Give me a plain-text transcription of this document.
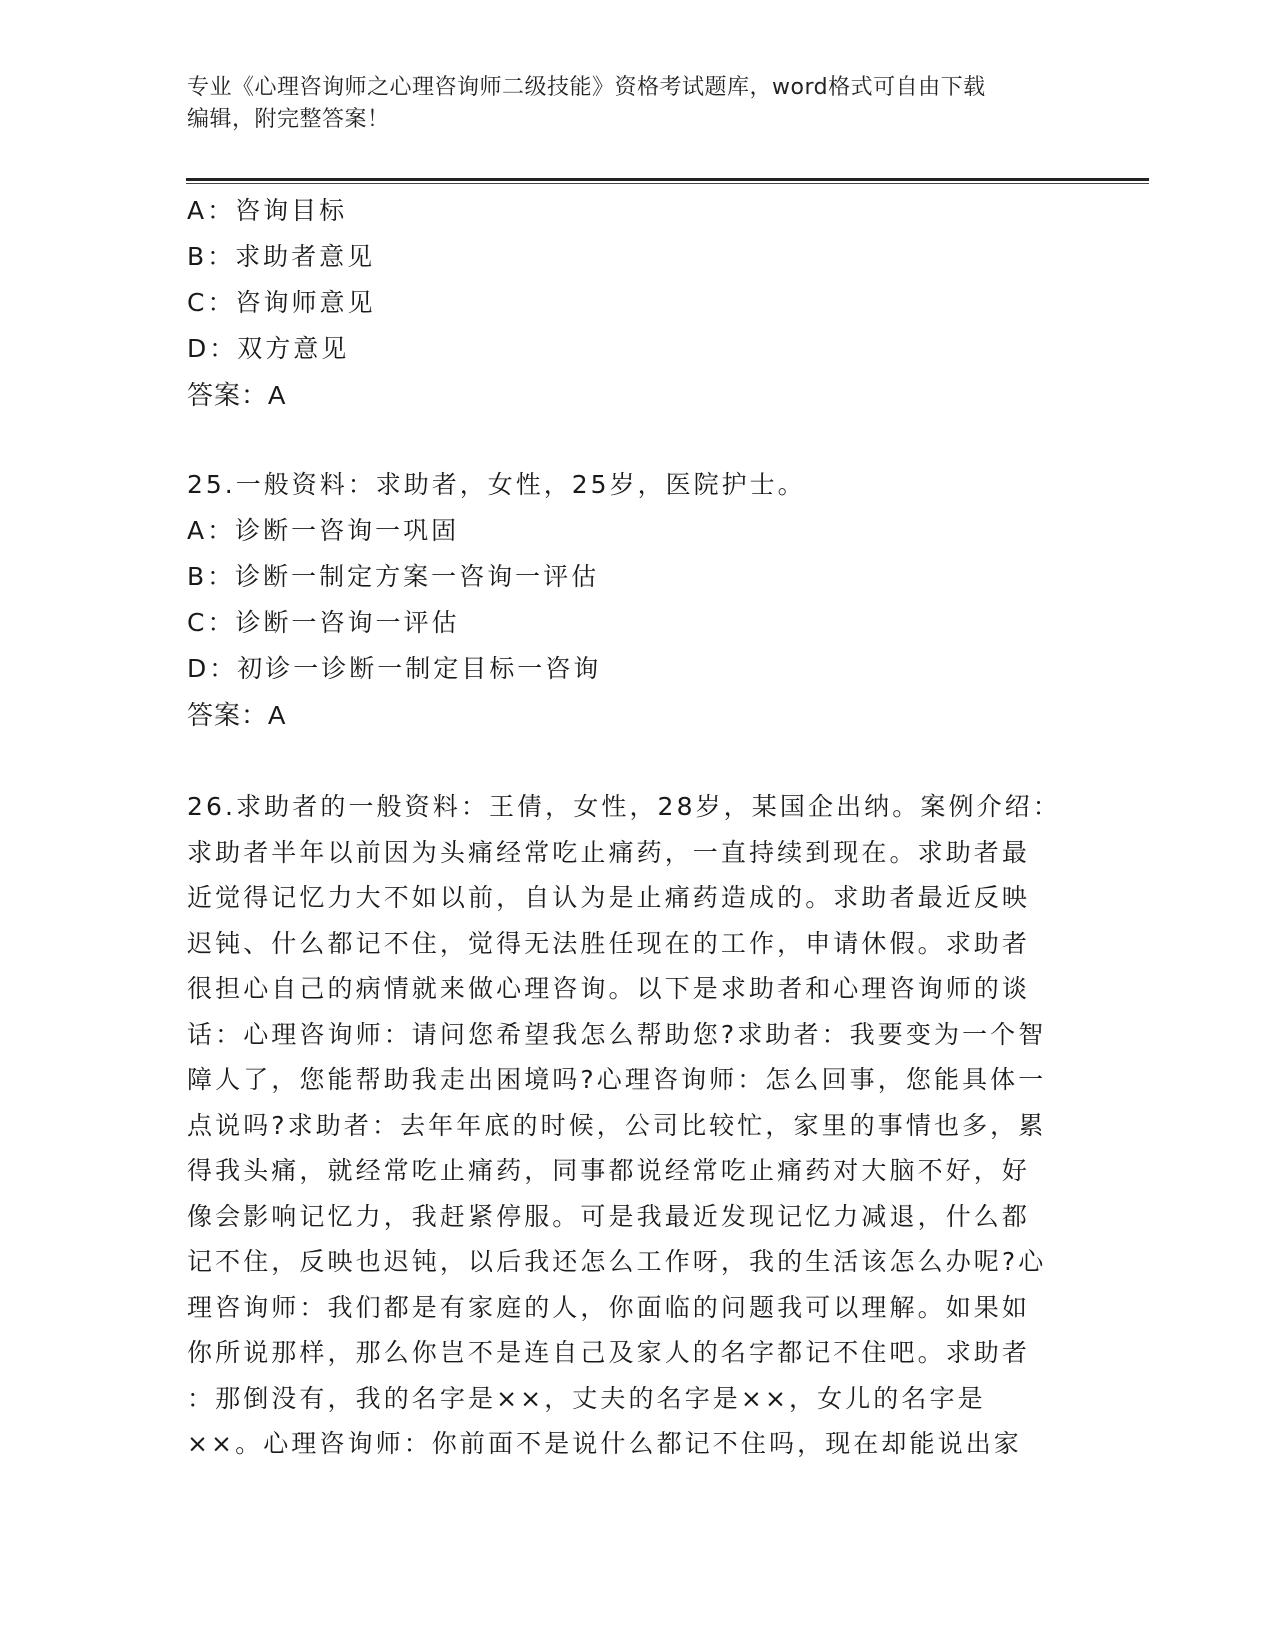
专业《心理咨询师之心理咨询师二级技能》资格考试题库，word格式可自由下载
编辑，附完整答案！
A：咨询目标
B：求助者意见
C：咨询师意见
D：双方意见
答案：A
25.一般资料：求助者，女性，25岁，医院护士。
A：诊断一咨询一巩固
B：诊断一制定方案一咨询一评估
C：诊断一咨询一评估
D：初诊一诊断一制定目标一咨询
答案：A
26.求助者的一般资料：王倩，女性，28岁，某国企出纳。案例介绍：
求助者半年以前因为头痛经常吃止痛药，一直持续到现在。求助者最
近觉得记忆力大不如以前，自认为是止痛药造成的。求助者最近反映
迟钝、什么都记不住，觉得无法胜任现在的工作，申请休假。求助者
很担心自己的病情就来做心理咨询。以下是求助者和心理咨询师的谈
话：心理咨询师：请问您希望我怎么帮助您?求助者：我要变为一个智
障人了，您能帮助我走出困境吗?心理咨询师：怎么回事，您能具体一
点说吗?求助者：去年年底的时候，公司比较忙，家里的事情也多，累
得我头痛，就经常吃止痛药，同事都说经常吃止痛药对大脑不好，好
像会影响记忆力，我赶紧停服。可是我最近发现记忆力减退，什么都
记不住，反映也迟钝，以后我还怎么工作呀，我的生活该怎么办呢?心
理咨询师：我们都是有家庭的人，你面临的问题我可以理解。如果如
你所说那样，那么你岂不是连自己及家人的名字都记不住吧。求助者
：那倒没有，我的名字是××，丈夫的名字是××，女儿的名字是
××。心理咨询师：你前面不是说什么都记不住吗，现在却能说出家
